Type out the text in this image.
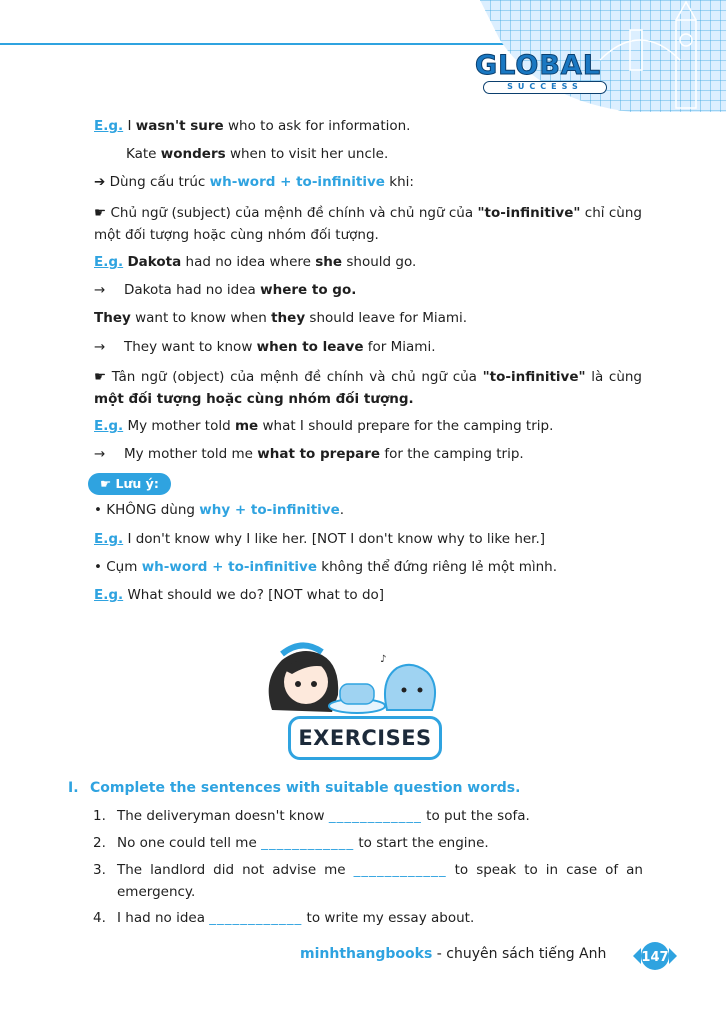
GLOBAL
SUCCESS
E.g. I wasn't sure who to ask for information.
Kate wonders when to visit her uncle.
➔ Dùng cấu trúc wh-word + to-infinitive khi:
☛ Chủ ngữ (subject) của mệnh đề chính và chủ ngữ của "to-infinitive" chỉ cùng một đối tượng hoặc cùng nhóm đối tượng.
E.g. Dakota had no idea where she should go.
→ Dakota had no idea where to go.
They want to know when they should leave for Miami.
→ They want to know when to leave for Miami.
☛ Tân ngữ (object) của mệnh đề chính và chủ ngữ của "to-infinitive" là cùng một đối tượng hoặc cùng nhóm đối tượng.
E.g. My mother told me what I should prepare for the camping trip.
→ My mother told me what to prepare for the camping trip.
☛ Lưu ý:
• KHÔNG dùng why + to-infinitive.
E.g. I don't know why I like her. [NOT I don't know why to like her.]
• Cụm wh-word + to-infinitive không thể đứng riêng lẻ một mình.
E.g. What should we do? [NOT what to do]
♪
EXERCISES
I. Complete the sentences with suitable question words.
1. The deliveryman doesn't know ____________ to put the sofa.
2. No one could tell me ____________ to start the engine.
3. The landlord did not advise me ____________ to speak to in case of an emergency.
4. I had no idea ____________ to write my essay about.
minhthangbooks - chuyên sách tiếng Anh	147
